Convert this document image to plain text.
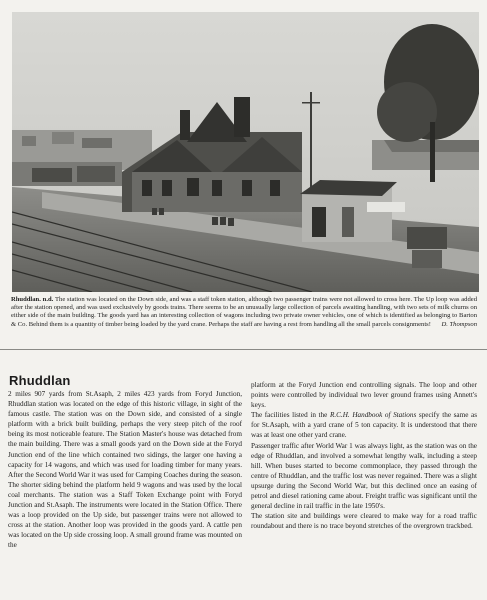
Rhuddlan. n.d. The station was located on the Down side, and was a staff token station, although two passenger trains were not allowed to cross here. The Up loop was added after the station opened, and was used exclusively by goods trains. There seems to be an unusually large collection of parcels awaiting handling, with two sets of milk churns on either side of the main building. The goods yard has an interesting collection of wagons including two private owner vehicles, one of which is identified as belonging to Barton & Co. Behind them is a quantity of timber being loaded by the yard crane. Perhaps the staff are having a rest from handling all the small parcels consignments! D. Thompson
Rhuddlan

2 miles 907 yards from St.Asaph, 2 miles 423 yards from Foryd Junction, Rhuddlan station was located on the edge of this historic village, in sight of the famous castle. The station was on the Down side, and consisted of a single platform with a brick built building, perhaps the very steep pitch of the roof being its most noticeable feature. The Station Master's house was detached from the main building. There was a small goods yard on the Down side at the Foryd Junction end of the line which contained two sidings, the larger one having a capacity for 14 wagons, and which was used for loading timber for many years. After the Second World War it was used for Camping Coaches during the season. The shorter siding behind the platform held 9 wagons and was used by the local coal merchants. The station was a Staff Token Exchange point with Foryd Junction and St.Asaph. The instruments were located in the Station Office. There was a loop provided on the Up side, but passenger trains were not allowed to cross at the station. Another loop was provided in the goods yard. A cattle pen was located on the Up side crossing loop. A small ground frame was mounted on the

platform at the Foryd Junction end controlling signals. The loop and other points were controlled by individual two lever ground frames using Annett's keys.

The facilities listed in the R.C.H. Handbook of Stations specify the same as for St.Asaph, with a yard crane of 5 ton capacity. It is understood that there was at least one other yard crane.

Passenger traffic after World War 1 was always light, as the station was on the edge of Rhuddlan, and involved a somewhat lengthy walk, including a steep hill. When buses started to become commonplace, they passed through the centre of Rhuddlan, and the traffic lost was never regained. There was a slight upsurge during the Second World War, but this declined once an easing of petrol and diesel rationing came about. Freight traffic was significant until the general decline in rail traffic in the late 1950's.

The station site and buildings were cleared to make way for a road traffic roundabout and there is no trace beyond stretches of the overgrown trackbed.
